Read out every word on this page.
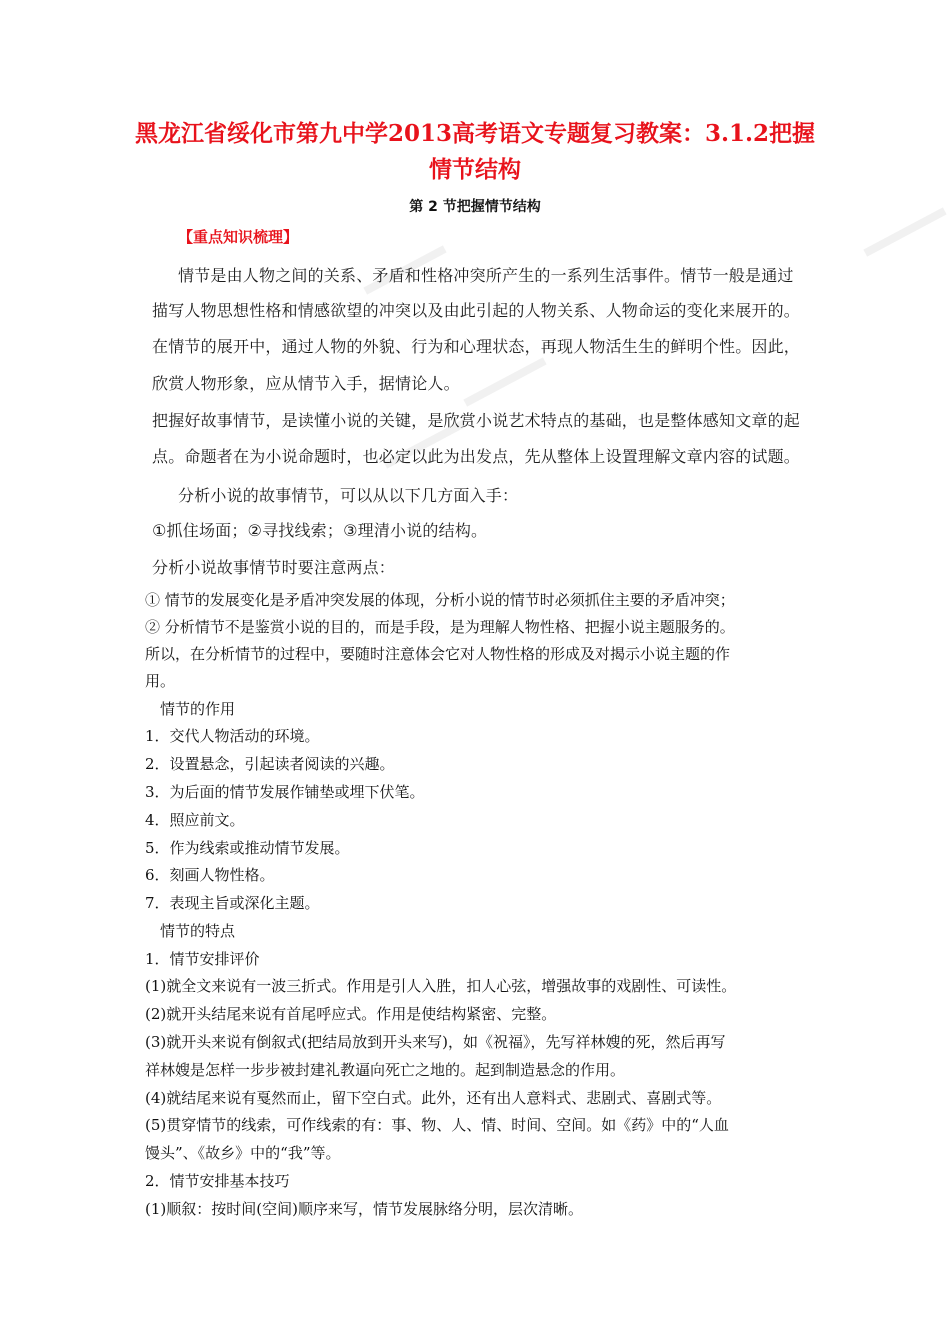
黑龙江省绥化市第九中学2013高考语文专题复习教案：3.1.2把握
情节结构
第 2 节把握情节结构
【重点知识梳理】
情节是由人物之间的关系、矛盾和性格冲突所产生的一系列生活事件。情节一般是通过
描写人物思想性格和情感欲望的冲突以及由此引起的人物关系、人物命运的变化来展开的。
在情节的展开中，通过人物的外貌、行为和心理状态，再现人物活生生的鲜明个性。因此，
欣赏人物形象，应从情节入手，据情论人。
把握好故事情节，是读懂小说的关键，是欣赏小说艺术特点的基础，也是整体感知文章的起
点。命题者在为小说命题时，也必定以此为出发点，先从整体上设置理解文章内容的试题。
分析小说的故事情节，可以从以下几方面入手：
①抓住场面；②寻找线索；③理清小说的结构。
分析小说故事情节时要注意两点：
① 情节的发展变化是矛盾冲突发展的体现，分析小说的情节时必须抓住主要的矛盾冲突；
② 分析情节不是鉴赏小说的目的，而是手段，是为理解人物性格、把握小说主题服务的。
所以，在分析情节的过程中，要随时注意体会它对人物性格的形成及对揭示小说主题的作
用。
情节的作用
1．交代人物活动的环境。
2．设置悬念，引起读者阅读的兴趣。
3．为后面的情节发展作铺垫或埋下伏笔。
4．照应前文。
5．作为线索或推动情节发展。
6．刻画人物性格。
7．表现主旨或深化主题。
情节的特点
1．情节安排评价
(1)就全文来说有一波三折式。作用是引人入胜，扣人心弦，增强故事的戏剧性、可读性。
(2)就开头结尾来说有首尾呼应式。作用是使结构紧密、完整。
(3)就开头来说有倒叙式(把结局放到开头来写)，如《祝福》，先写祥林嫂的死，然后再写
祥林嫂是怎样一步步被封建礼教逼向死亡之地的。起到制造悬念的作用。
(4)就结尾来说有戛然而止，留下空白式。此外，还有出人意料式、悲剧式、喜剧式等。
(5)贯穿情节的线索，可作线索的有：事、物、人、情、时间、空间。如《药》中的“人血
馒头”、《故乡》中的“我”等。
2．情节安排基本技巧
(1)顺叙：按时间(空间)顺序来写，情节发展脉络分明，层次清晰。
